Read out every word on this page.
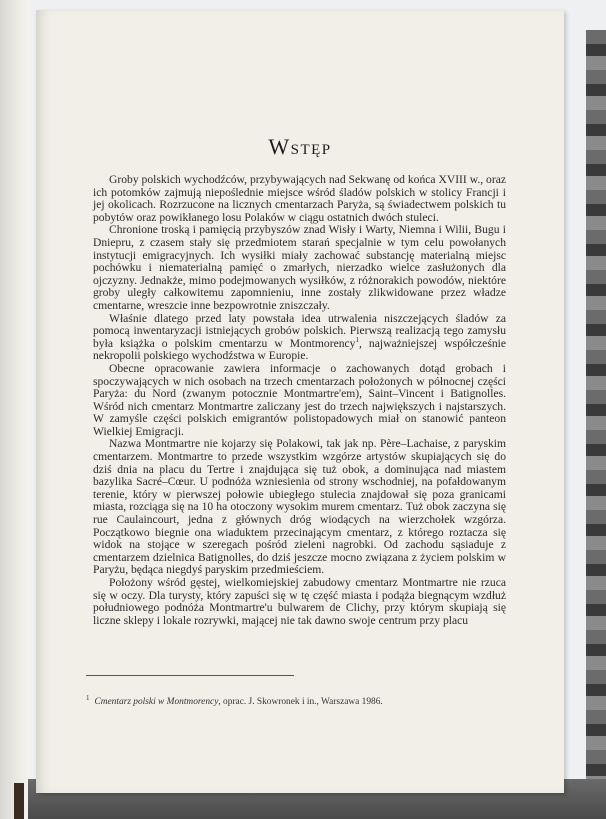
Wstęp

Groby polskich wychodźców, przybywających nad Sekwanę od końca XVIII w., oraz ich potomków zajmują niepoślednie miejsce wśród śladów polskich w stolicy Francji i jej okolicach. Rozrzucone na licznych cmentarzach Paryża, są świadectwem polskich tu pobytów oraz powikłanego losu Polaków w ciągu ostatnich dwóch stuleci.

Chronione troską i pamięcią przybyszów znad Wisły i Warty, Niemna i Wilii, Bugu i Dniepru, z czasem stały się przedmiotem starań specjalnie w tym celu powołanych instytucji emigracyjnych. Ich wysiłki miały zachować substancję materialną miejsc pochówku i niematerialną pamięć o zmarłych, nierzadko wielce zasłużonych dla ojczyzny. Jednakże, mimo podejmowanych wysiłków, z różnorakich powodów, niektóre groby uległy całkowitemu zapomnieniu, inne zostały zlikwidowane przez władze cmentarne, wreszcie inne bezpowrotnie zniszczały.

Właśnie dlatego przed laty powstała idea utrwalenia niszczejących śladów za pomocą inwentaryzacji istniejących grobów polskich. Pierwszą realizacją tego zamysłu była książka o polskim cmentarzu w Montmorency$^1$, najważniejszej współcześnie nekropolii polskiego wychodźstwa w Europie.

Obecne opracowanie zawiera informacje o zachowanych dotąd grobach i spoczywających w nich osobach na trzech cmentarzach położonych w północnej części Paryża: du Nord (zwanym potocznie Montmartre'em), Saint–Vincent i Batignolles. Wśród nich cmentarz Montmartre zaliczany jest do trzech największych i najstarszych. W zamyśle części polskich emigrantów polistopadowych miał on stanowić panteon Wielkiej Emigracji.

Nazwa Montmartre nie kojarzy się Polakowi, tak jak np. Père–Lachaise, z paryskim cmentarzem. Montmartre to przede wszystkim wzgórze artystów skupiających się do dziś dnia na placu du Tertre i znajdująca się tuż obok, a dominująca nad miastem bazylika Sacré–Cœur. U podnóża wzniesienia od strony wschodniej, na pofałdowanym terenie, który w pierwszej połowie ubiegłego stulecia znajdował się poza granicami miasta, rozciąga się na 10 ha otoczony wysokim murem cmentarz. Tuż obok zaczyna się rue Caulaincourt, jedna z głównych dróg wiodących na wierzchołek wzgórza. Początkowo biegnie ona wiaduktem przecinającym cmentarz, z którego roztacza się widok na stojące w szeregach pośród zieleni nagrobki. Od zachodu sąsiaduje z cmentarzem dzielnica Batignolles, do dziś jeszcze mocno związana z życiem polskim w Paryżu, będąca niegdyś paryskim przedmieściem.

Położony wśród gęstej, wielkomiejskiej zabudowy cmentarz Montmartre nie rzuca się w oczy. Dla turysty, który zapuści się w tę część miasta i podąża biegnącym wzdłuż południowego podnóża Montmartre'u bulwarem de Clichy, przy którym skupiają się liczne sklepy i lokale rozrywki, mającej nie tak dawno swoje centrum przy placu

$^1$ Cmentarz polski w Montmorency, oprac. J. Skowronek i in., Warszawa 1986.
